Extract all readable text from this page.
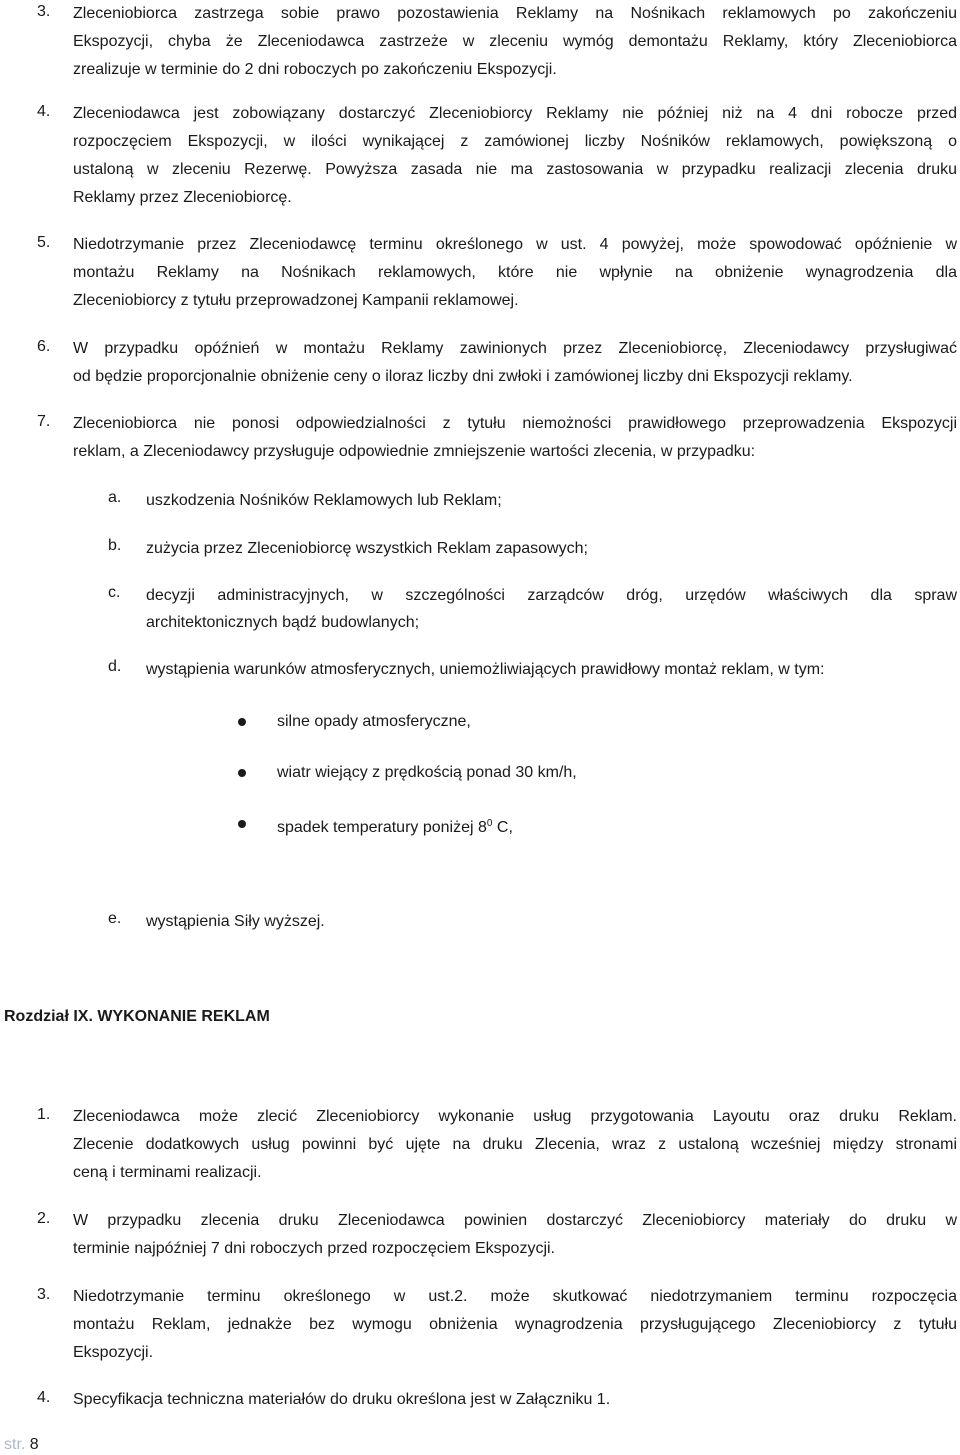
3. Zleceniobiorca zastrzega sobie prawo pozostawienia Reklamy na Nośnikach reklamowych po zakończeniu
Ekspozycji, chyba że Zleceniodawca zastrzeże w zleceniu wymóg demontażu Reklamy, który Zleceniobiorca
zrealizuje w terminie do 2 dni roboczych po zakończeniu Ekspozycji.
4. Zleceniodawca jest zobowiązany dostarczyć Zleceniobiorcy Reklamy nie później niż na 4 dni robocze przed
rozpoczęciem Ekspozycji, w ilości wynikającej z zamówionej liczby Nośników reklamowych, powiększoną o
ustaloną w zleceniu Rezerwę. Powyższa zasada nie ma zastosowania w przypadku realizacji zlecenia druku
Reklamy przez Zleceniobiorcę.
5. Niedotrzymanie przez Zleceniodawcę terminu określonego w ust. 4 powyżej, może spowodować opóźnienie w
montażu Reklamy na Nośnikach reklamowych, które nie wpłynie na obniżenie wynagrodzenia dla
Zleceniobiorcy z tytułu przeprowadzonej Kampanii reklamowej.
6. W przypadku opóźnień w montażu Reklamy zawinionych przez Zleceniobiorcę, Zleceniodawcy przysługiwać
od będzie proporcjonalnie obniżenie ceny o iloraz liczby dni zwłoki i zamówionej liczby dni Ekspozycji reklamy.
7. Zleceniobiorca nie ponosi odpowiedzialności z tytułu niemożności prawidłowego przeprowadzenia Ekspozycji
reklam, a Zleceniodawcy przysługuje odpowiednie zmniejszenie wartości zlecenia, w przypadku:
a. uszkodzenia Nośników Reklamowych lub Reklam;
b. zużycia przez Zleceniobiorcę wszystkich Reklam zapasowych;
c. decyzji administracyjnych, w szczególności zarządców dróg, urzędów właściwych dla spraw
architektonicznych bądź budowlanych;
d. wystąpienia warunków atmosferycznych, uniemożliwiających prawidłowy montaż reklam, w tym:
silne opady atmosferyczne,
wiatr wiejący z prędkością ponad 30 km/h,
spadek temperatury poniżej $8^0$ C,
e. wystąpienia Siły wyższej.
Rozdział IX. WYKONANIE REKLAM
1. Zleceniodawca może zlecić Zleceniobiorcy wykonanie usług przygotowania Layoutu oraz druku Reklam.
Zlecenie dodatkowych usług powinni być ujęte na druku Zlecenia, wraz z ustaloną wcześniej między stronami
ceną i terminami realizacji.
2. W przypadku zlecenia druku Zleceniodawca powinien dostarczyć Zleceniobiorcy materiały do druku w
terminie najpóźniej 7 dni roboczych przed rozpoczęciem Ekspozycji.
3. Niedotrzymanie terminu określonego w ust.2. może skutkować niedotrzymaniem terminu rozpoczęcia
montażu Reklam, jednakże bez wymogu obniżenia wynagrodzenia przysługującego Zleceniobiorcy z tytułu
Ekspozycji.
4. Specyfikacja techniczna materiałów do druku określona jest w Załączniku 1.
str. 8
